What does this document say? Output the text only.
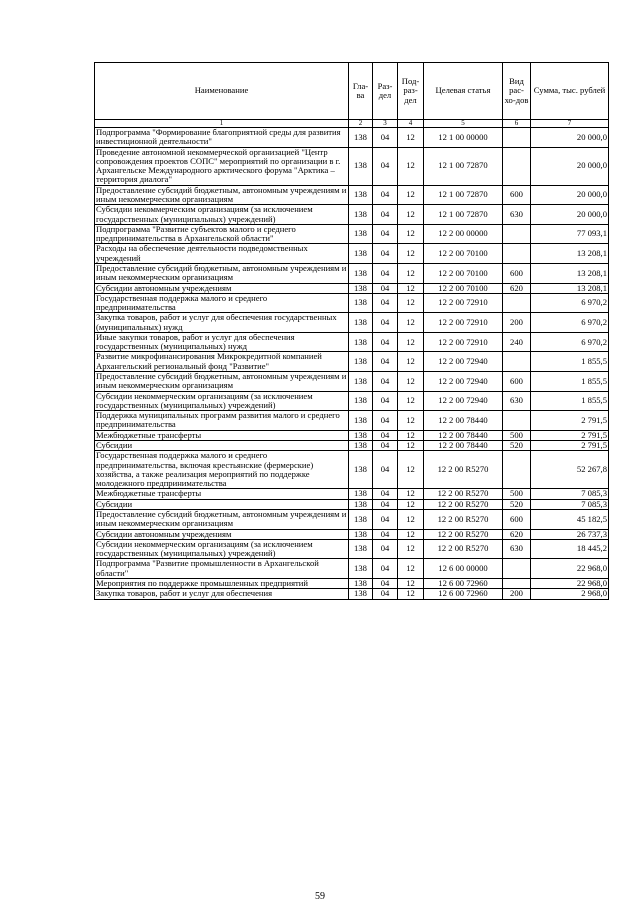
Наименование	Гла-ва	Раз-дел	Под-раз-дел	Целевая статья	Вид рас-хо-дов	Сумма, тыс. рублей
1	2	3	4	5	6	7
Подпрограмма "Формирование благоприятной среды для развития инвестиционной деятельности"	138	04	12	12 1 00 00000		20 000,0
Проведение автономной некоммерческой организацией "Центр сопровождения проектов СОПС" мероприятий по организации в г. Архангельске Международного арктического форума "Арктика – территория диалога"	138	04	12	12 1 00 72870		20 000,0
Предоставление субсидий бюджетным, автономным учреждениям и иным некоммерческим организациям	138	04	12	12 1 00 72870	600	20 000,0
Субсидии некоммерческим организациям (за исключением государственных (муниципальных) учреждений)	138	04	12	12 1 00 72870	630	20 000,0
Подпрограмма "Развитие субъектов малого и среднего предпринимательства в Архангельской области"	138	04	12	12 2 00 00000		77 093,1
Расходы на обеспечение деятельности подведомственных учреждений	138	04	12	12 2 00 70100		13 208,1
Предоставление субсидий бюджетным, автономным учреждениям и иным некоммерческим организациям	138	04	12	12 2 00 70100	600	13 208,1
Субсидии автономным учреждениям	138	04	12	12 2 00 70100	620	13 208,1
Государственная поддержка малого и среднего предпринимательства	138	04	12	12 2 00 72910		6 970,2
Закупка товаров, работ и услуг для обеспечения государственных (муниципальных) нужд	138	04	12	12 2 00 72910	200	6 970,2
Иные закупки товаров, работ и услуг для обеспечения государственных (муниципальных) нужд	138	04	12	12 2 00 72910	240	6 970,2
Развитие микрофинансирования Микрокредитной компанией Архангельский региональный фонд "Развитие"	138	04	12	12 2 00 72940		1 855,5
Предоставление субсидий бюджетным, автономным учреждениям и иным некоммерческим организациям	138	04	12	12 2 00 72940	600	1 855,5
Субсидии некоммерческим организациям (за исключением государственных (муниципальных) учреждений)	138	04	12	12 2 00 72940	630	1 855,5
Поддержка муниципальных программ развития малого и среднего предпринимательства	138	04	12	12 2 00 78440		2 791,5
Межбюджетные трансферты	138	04	12	12 2 00 78440	500	2 791,5
Субсидии	138	04	12	12 2 00 78440	520	2 791,5
Государственная поддержка малого и среднего предпринимательства, включая крестьянские (фермерские) хозяйства, а также реализация мероприятий по поддержке молодежного предпринимательства	138	04	12	12 2 00 R5270		52 267,8
Межбюджетные трансферты	138	04	12	12 2 00 R5270	500	7 085,3
Субсидии	138	04	12	12 2 00 R5270	520	7 085,3
Предоставление субсидий бюджетным, автономным учреждениям и иным некоммерческим организациям	138	04	12	12 2 00 R5270	600	45 182,5
Субсидии автономным учреждениям	138	04	12	12 2 00 R5270	620	26 737,3
Субсидии некоммерческим организациям (за исключением государственных (муниципальных) учреждений)	138	04	12	12 2 00 R5270	630	18 445,2
Подпрограмма "Развитие промышленности в Архангельской области"	138	04	12	12 6 00 00000		22 968,0
Мероприятия по поддержке промышленных предприятий	138	04	12	12 6 00 72960		22 968,0
Закупка товаров, работ и услуг для обеспечения	138	04	12	12 6 00 72960	200	2 968,0
59
